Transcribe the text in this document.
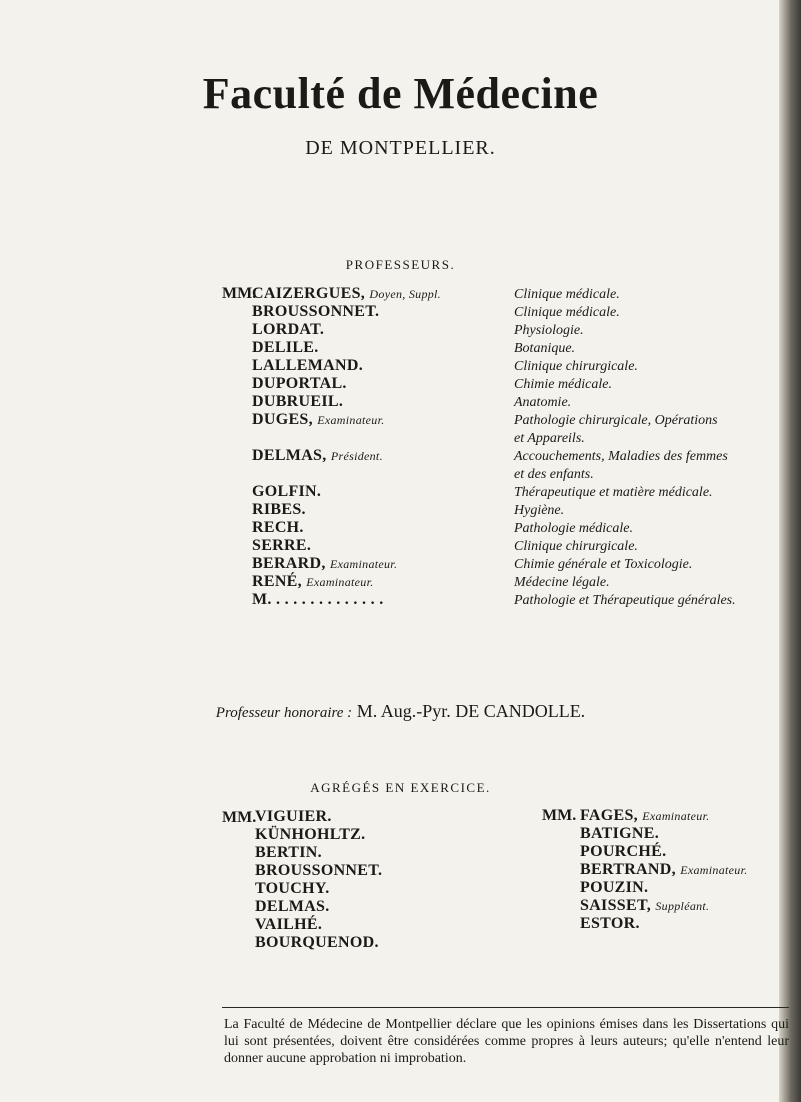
Faculté de Médecine
DE MONTPELLIER.
PROFESSEURS.
MM.
CAIZERGUES, Doyen, Suppl.
BROUSSONNET.
LORDAT.
DELILE.
LALLEMAND.
DUPORTAL.
DUBRUEIL.
DUGES, Examinateur.
DELMAS, Président.
GOLFIN.
RIBES.
RECH.
SERRE.
BERARD, Examinateur.
RENÉ, Examinateur.
M. . . . . . . . . . . . . .
Clinique médicale.
Clinique médicale.
Physiologie.
Botanique.
Clinique chirurgicale.
Chimie médicale.
Anatomie.
Pathologie chirurgicale, Opérations
et Appareils.
Accouchements, Maladies des femmes
et des enfants.
Thérapeutique et matière médicale.
Hygiène.
Pathologie médicale.
Clinique chirurgicale.
Chimie générale et Toxicologie.
Médecine légale.
Pathologie et Thérapeutique générales.
Professeur honoraire : M. Aug.-Pyr. DE CANDOLLE.
AGRÉGÉS EN EXERCICE.
MM.
VIGUIER.
KÜNHOHLTZ.
BERTIN.
BROUSSONNET.
TOUCHY.
DELMAS.
VAILHÉ.
BOURQUENOD.
MM. FAGES, Examinateur.
BATIGNE.
POURCHÉ.
BERTRAND, Examinateur.
POUZIN.
SAISSET, Suppléant.
ESTOR.
La Faculté de Médecine de Montpellier déclare que les opinions émises dans les Dissertations qui lui sont présentées, doivent être considérées comme propres à leurs auteurs; qu'elle n'entend leur donner aucune approbation ni improbation.
